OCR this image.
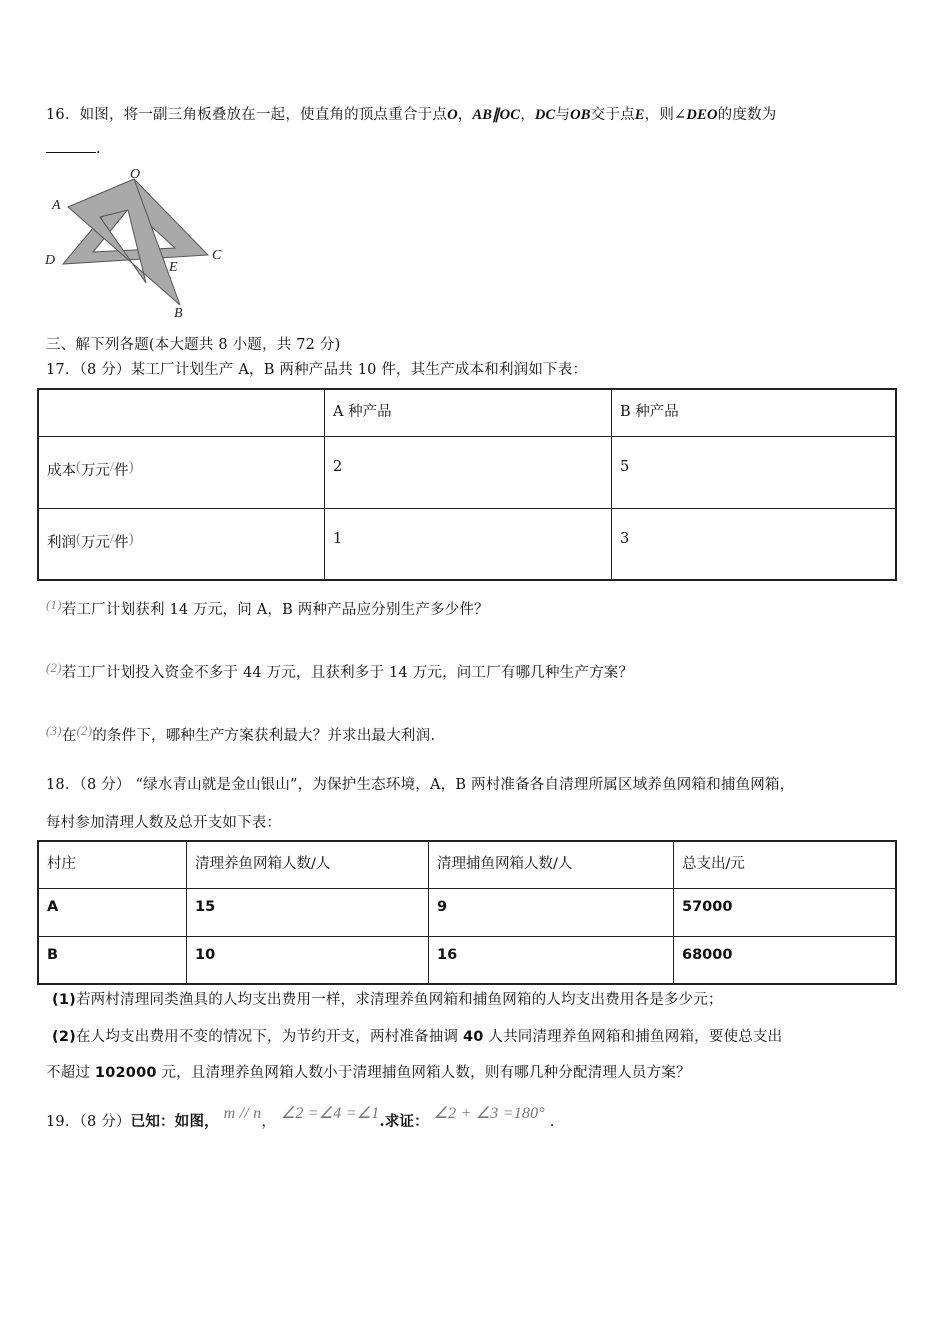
16．如图，将一副三角板叠放在一起，使直角的顶点重合于点O，AB∥OC，DC与OB交于点E，则∠DEO的度数为
.
O
A
D	C
E
B
三、解下列各题(本大题共 8 小题，共 72 分)
17．（8 分）某工厂计划生产 A，B 两种产品共 10 件，其生产成本和利润如下表：
	A 种产品	B 种产品
成本(万元/件)	2	5
利润(万元/件)	1	3
(1)若工厂计划获利 14 万元，问 A，B 两种产品应分别生产多少件？
(2)若工厂计划投入资金不多于 44 万元，且获利多于 14 万元，问工厂有哪几种生产方案？
(3)在(2)的条件下，哪种生产方案获利最大？并求出最大利润.
18．（8 分） “绿水青山就是金山银山”，为保护生态环境，A，B 两村准备各自清理所属区域养鱼网箱和捕鱼网箱，
每村参加清理人数及总开支如下表：
村庄	清理养鱼网箱人数/人	清理捕鱼网箱人数/人	总支出/元
A	15	9	57000
B	10	16	68000
(1)若两村清理同类渔具的人均支出费用一样，求清理养鱼网箱和捕鱼网箱的人均支出费用各是多少元；
(2)在人均支出费用不变的情况下，为节约开支，两村准备抽调 40 人共同清理养鱼网箱和捕鱼网箱，要使总支出
不超过 102000 元，且清理养鱼网箱人数小于清理捕鱼网箱人数，则有哪几种分配清理人员方案？
19．（8 分）已知：如图， m // n， ∠2 =∠4 =∠1.求证： ∠2 + ∠3 =180° .
